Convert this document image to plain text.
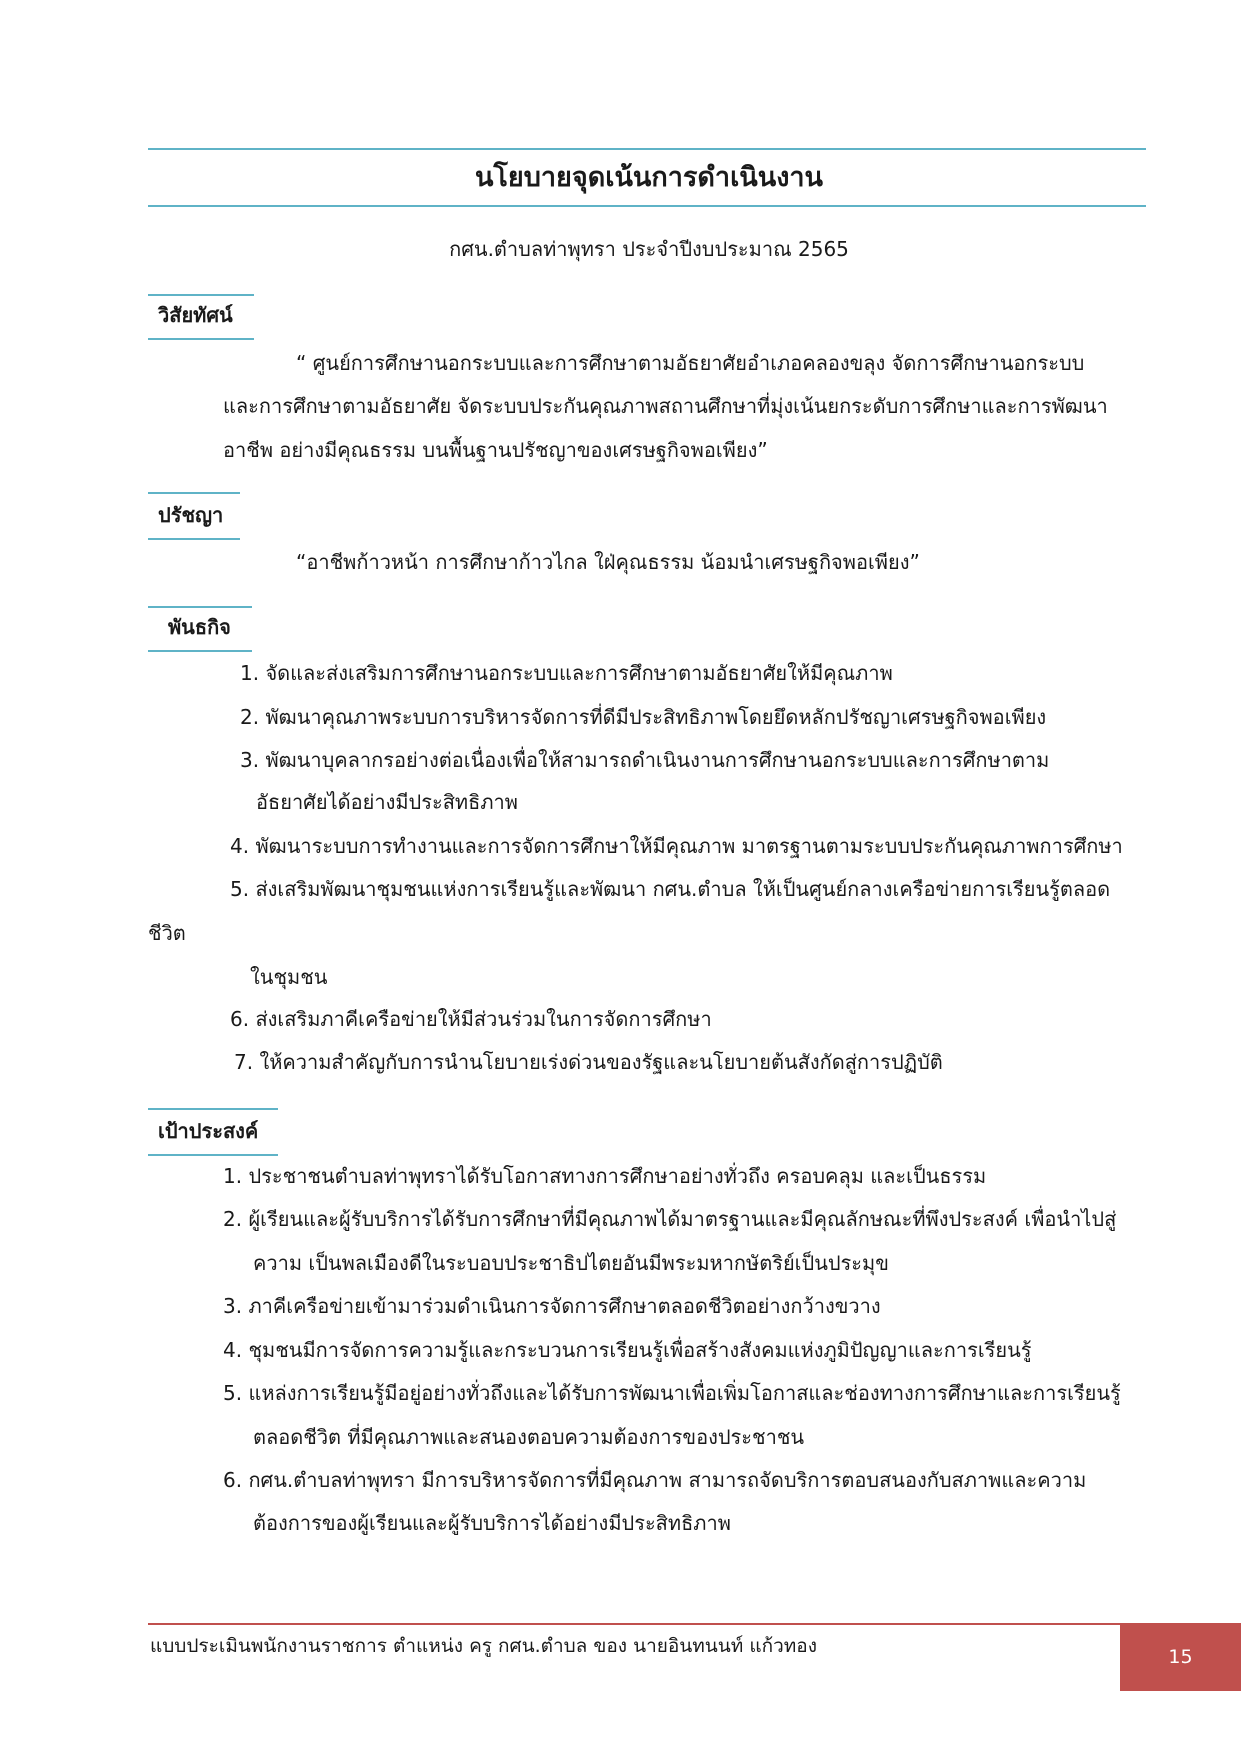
นโยบายจุดเน้นการดำเนินงาน
กศน.ตำบลท่าพุทรา ประจำปีงบประมาณ 2565
วิสัยทัศน์
“ ศูนย์การศึกษานอกระบบและการศึกษาตามอัธยาศัยอำเภอคลองขลุง จัดการศึกษานอกระบบ
และการศึกษาตามอัธยาศัย จัดระบบประกันคุณภาพสถานศึกษาที่มุ่งเน้นยกระดับการศึกษาและการพัฒนา
อาชีพ อย่างมีคุณธรรม บนพื้นฐานปรัชญาของเศรษฐกิจพอเพียง”
ปรัชญา
“อาชีพก้าวหน้า การศึกษาก้าวไกล ใฝ่คุณธรรม น้อมนำเศรษฐกิจพอเพียง”
พันธกิจ
1. จัดและส่งเสริมการศึกษานอกระบบและการศึกษาตามอัธยาศัยให้มีคุณภาพ
2. พัฒนาคุณภาพระบบการบริหารจัดการที่ดีมีประสิทธิภาพโดยยึดหลักปรัชญาเศรษฐกิจพอเพียง
3. พัฒนาบุคลากรอย่างต่อเนื่องเพื่อให้สามารถดำเนินงานการศึกษานอกระบบและการศึกษาตาม
อัธยาศัยได้อย่างมีประสิทธิภาพ
4. พัฒนาระบบการทำงานและการจัดการศึกษาให้มีคุณภาพ มาตรฐานตามระบบประกันคุณภาพการศึกษา
5. ส่งเสริมพัฒนาชุมชนแห่งการเรียนรู้และพัฒนา กศน.ตำบล ให้เป็นศูนย์กลางเครือข่ายการเรียนรู้ตลอด
ชีวิต
ในชุมชน
6. ส่งเสริมภาคีเครือข่ายให้มีส่วนร่วมในการจัดการศึกษา
7. ให้ความสำคัญกับการนำนโยบายเร่งด่วนของรัฐและนโยบายต้นสังกัดสู่การปฏิบัติ
เป้าประสงค์
1. ประชาชนตำบลท่าพุทราได้รับโอกาสทางการศึกษาอย่างทั่วถึง ครอบคลุม และเป็นธรรม
2. ผู้เรียนและผู้รับบริการได้รับการศึกษาที่มีคุณภาพได้มาตรฐานและมีคุณลักษณะที่พึงประสงค์ เพื่อนำไปสู่
ความ เป็นพลเมืองดีในระบอบประชาธิปไตยอันมีพระมหากษัตริย์เป็นประมุข
3. ภาคีเครือข่ายเข้ามาร่วมดำเนินการจัดการศึกษาตลอดชีวิตอย่างกว้างขวาง
4. ชุมชนมีการจัดการความรู้และกระบวนการเรียนรู้เพื่อสร้างสังคมแห่งภูมิปัญญาและการเรียนรู้
5. แหล่งการเรียนรู้มีอยู่อย่างทั่วถึงและได้รับการพัฒนาเพื่อเพิ่มโอกาสและช่องทางการศึกษาและการเรียนรู้
ตลอดชีวิต ที่มีคุณภาพและสนองตอบความต้องการของประชาชน
6. กศน.ตำบลท่าพุทรา มีการบริหารจัดการที่มีคุณภาพ สามารถจัดบริการตอบสนองกับสภาพและความ
ต้องการของผู้เรียนและผู้รับบริการได้อย่างมีประสิทธิภาพ
แบบประเมินพนักงานราชการ ตำแหน่ง ครู กศน.ตำบล ของ นายอินทนนท์ แก้วทอง	15
